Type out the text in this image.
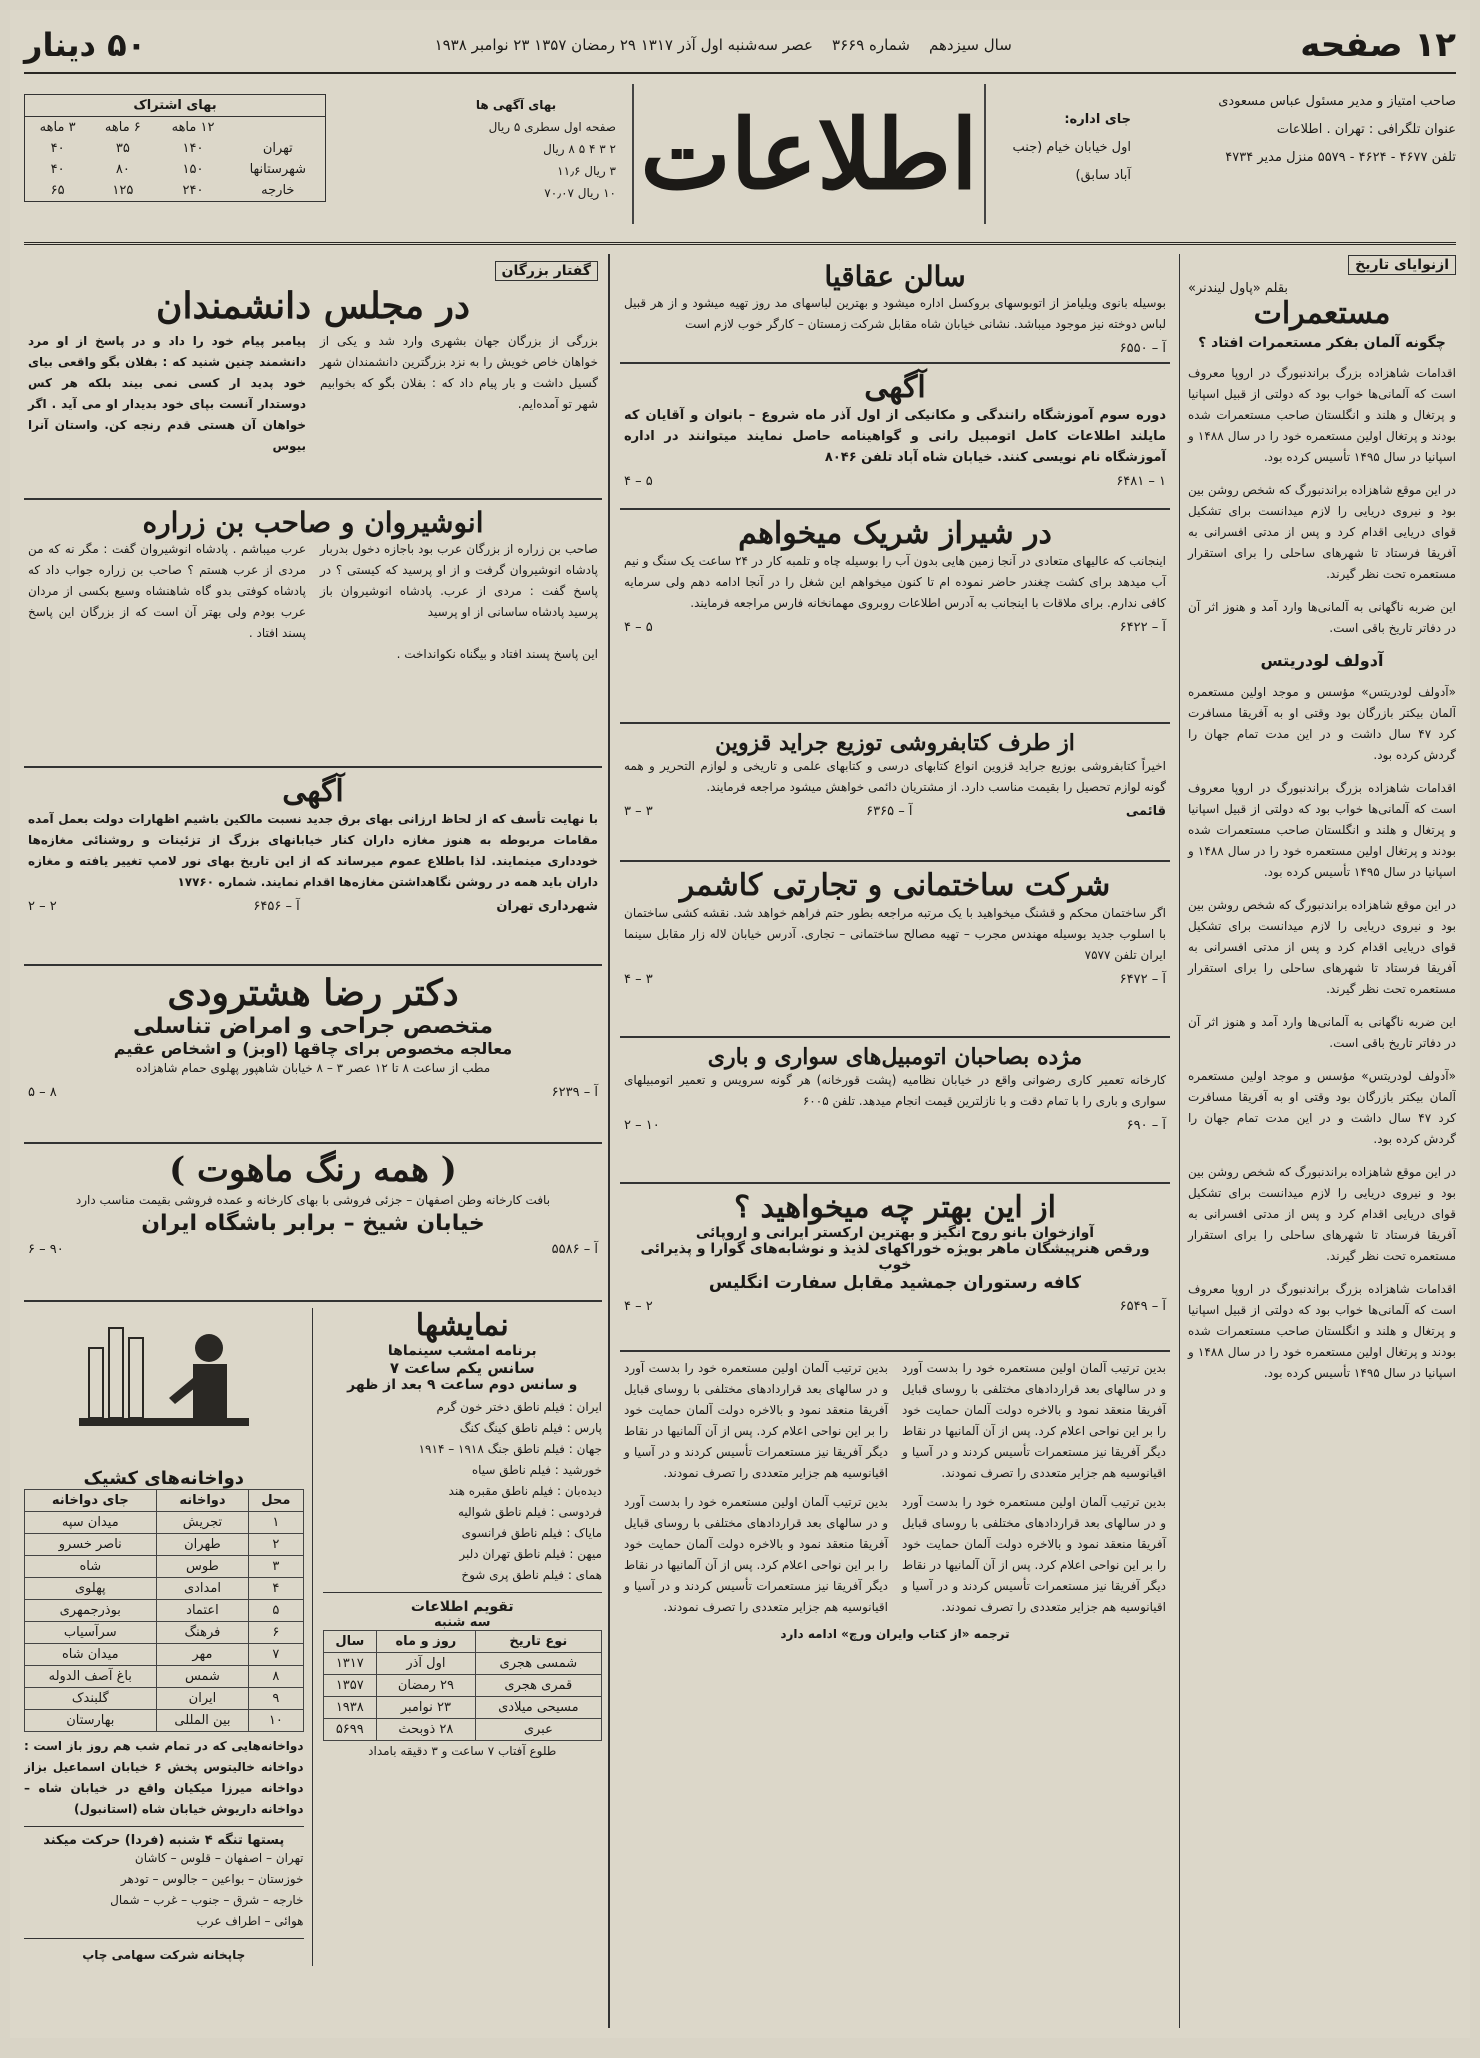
۱۲ صفحه
سال سیزدهم    شماره ۳۶۶۹    عصر سه‌شنبه اول آذر ۱۳۱۷ ۲۹ رمضان ۱۳۵۷ ۲۳ نوامبر ۱۹۳۸
۵۰ دینار
صاحب امتیاز و مدیر مسئول عباس مسعودی
عنوان تلگرافی : تهران . اطلاعات
تلفن ۴۶۷۷ - ۴۶۲۴ - ۵۵۷۹ منزل مدیر ۴۷۳۴
جای اداره:
اول خیابان خیام (جنب آباد سابق)
اطلاعات
بهای آگهی ها
صفحه اول سطری ۵ ریال
۲ ۳ ۴ ۵ ۸ ریال
۳ ریال ۱۱٫۶
۱۰ ریال ۷۰٫۰۷
بهای اشتراک
	۱۲ ماهه	۶ ماهه	۳ ماهه
تهران	۱۴۰	۳۵	۴۰
شهرستانها	۱۵۰	۸۰	۴۰
خارجه	۲۴۰	۱۲۵	۶۵
ازنوایای تاریخ
بقلم «پاول لیندنر»
مستعمرات
چگونه آلمان بفکر مستعمرات افتاد ؟

اقدامات شاهزاده بزرگ براندنبورگ در اروپا معروف است که آلمانی‌ها خواب بود که دولتی از قبیل اسپانیا و پرتغال و هلند و انگلستان صاحب مستعمرات شده بودند و پرتغال اولین مستعمره خود را در سال ۱۴۸۸ و اسپانیا در سال ۱۴۹۵ تأسیس کرده بود.

در این موقع شاهزاده براندنبورگ که شخص روشن بین بود و نیروی دریایی را لازم میدانست برای تشکیل قوای دریایی اقدام کرد و پس از مدتی افسرانی به آفریقا فرستاد تا شهرهای ساحلی را برای استقرار مستعمره تحت نظر گیرند.

این ضربه ناگهانی به آلمانی‌ها وارد آمد و هنوز اثر آن در دفاتر تاریخ باقی است.

آدولف لودریتس

«آدولف لودریتس» مؤسس و موجد اولین مستعمره آلمان بیکتر بازرگان بود وقتی او به آفریقا مسافرت کرد ۴۷ سال داشت و در این مدت تمام جهان را گردش کرده بود.

اقدامات شاهزاده بزرگ براندنبورگ در اروپا معروف است که آلمانی‌ها خواب بود که دولتی از قبیل اسپانیا و پرتغال و هلند و انگلستان صاحب مستعمرات شده بودند و پرتغال اولین مستعمره خود را در سال ۱۴۸۸ و اسپانیا در سال ۱۴۹۵ تأسیس کرده بود.

در این موقع شاهزاده براندنبورگ که شخص روشن بین بود و نیروی دریایی را لازم میدانست برای تشکیل قوای دریایی اقدام کرد و پس از مدتی افسرانی به آفریقا فرستاد تا شهرهای ساحلی را برای استقرار مستعمره تحت نظر گیرند.

این ضربه ناگهانی به آلمانی‌ها وارد آمد و هنوز اثر آن در دفاتر تاریخ باقی است.

«آدولف لودریتس» مؤسس و موجد اولین مستعمره آلمان بیکتر بازرگان بود وقتی او به آفریقا مسافرت کرد ۴۷ سال داشت و در این مدت تمام جهان را گردش کرده بود.

در این موقع شاهزاده براندنبورگ که شخص روشن بین بود و نیروی دریایی را لازم میدانست برای تشکیل قوای دریایی اقدام کرد و پس از مدتی افسرانی به آفریقا فرستاد تا شهرهای ساحلی را برای استقرار مستعمره تحت نظر گیرند.

اقدامات شاهزاده بزرگ براندنبورگ در اروپا معروف است که آلمانی‌ها خواب بود که دولتی از قبیل اسپانیا و پرتغال و هلند و انگلستان صاحب مستعمرات شده بودند و پرتغال اولین مستعمره خود را در سال ۱۴۸۸ و اسپانیا در سال ۱۴۹۵ تأسیس کرده بود.

سالن عقاقیا
بوسیله بانوی ویلیامز از اتوبوسهای بروکسل اداره میشود و بهترین لباسهای مد روز تهیه میشود و از هر قبیل لباس دوخته نیز موجود میباشد. نشانی خیابان شاه مقابل شرکت زمستان – کارگر خوب لازم است
آ – ۶۵۵۰
آگهی
دوره سوم آموزشگاه رانندگی و مکانیکی از اول آذر ماه شروع – بانوان و آقایان که مایلند اطلاعات کامل اتومبیل رانی و گواهینامه حاصل نمایند میتوانند در اداره آموزشگاه نام نویسی کنند. خیابان شاه آباد تلفن ۸۰۴۶
۱ – ۶۴۸۱
۵ – ۴
در شیراز شریک میخواهم
اینجانب که عالیهای متعادی در آنجا زمین هایی بدون آب را بوسیله چاه و تلمبه کار در ۲۴ ساعت یک سنگ و نیم آب میدهد برای کشت چغندر حاضر نموده ام تا کنون میخواهم این شغل را در آنجا ادامه دهم ولی سرمایه کافی ندارم. برای ملاقات با اینجانب به آدرس اطلاعات روبروی مهمانخانه فارس مراجعه فرمایند.
آ – ۶۴۲۲
۵ – ۴
از طرف کتابفروشی توزیع جراید قزوین
اخیراً کتابفروشی بوزیع جراید قزوین انواع کتابهای درسی و کتابهای علمی و تاریخی و لوازم التحریر و همه گونه لوازم تحصیل را بقیمت مناسب دارد. از مشتریان دائمی خواهش میشود مراجعه فرمایند.
قائمی
آ – ۶۳۶۵
۳ – ۳
شرکت ساختمانی و تجارتی کاشمر
اگر ساختمان محکم و قشنگ میخواهید با یک مرتبه مراجعه بطور حتم فراهم خواهد شد. نقشه کشی ساختمان با اسلوب جدید بوسیله مهندس مجرب – تهیه مصالح ساختمانی – تجاری. آدرس خیابان لاله زار مقابل سینما ایران تلفن ۷۵۷۷
آ – ۶۴۷۲
۳ – ۴
مژده بصاحبان اتومبیل‌های سواری و باری
کارخانه تعمیر کاری رضوانی واقع در خیابان نظامیه (پشت قورخانه) هر گونه سرویس و تعمیر اتومبیلهای سواری و باری را با تمام دقت و با نازلترین قیمت انجام میدهد. تلفن ۶۰۰۵
آ – ۶۹۰
۱۰ – ۲
از این بهتر چه میخواهید ؟
آوازخوان بانو روح انگیز و بهترین ارکستر ایرانی و اروپائی
ورقص هنرپیشگان ماهر بویژه خوراکهای لذیذ و نوشابه‌های گوارا و پذیرائی خوب
کافه رستوران جمشید مقابل سفارت انگلیس
آ – ۶۵۴۹
۲ – ۴
بدین ترتیب آلمان اولین مستعمره خود را بدست آورد و در سالهای بعد قراردادهای مختلفی با روسای قبایل آفریقا منعقد نمود و بالاخره دولت آلمان حمایت خود را بر این نواحی اعلام کرد. پس از آن آلمانیها در نقاط دیگر آفریقا نیز مستعمرات تأسیس کردند و در آسیا و اقیانوسیه هم جزایر متعددی را تصرف نمودند.
بدین ترتیب آلمان اولین مستعمره خود را بدست آورد و در سالهای بعد قراردادهای مختلفی با روسای قبایل آفریقا منعقد نمود و بالاخره دولت آلمان حمایت خود را بر این نواحی اعلام کرد. پس از آن آلمانیها در نقاط دیگر آفریقا نیز مستعمرات تأسیس کردند و در آسیا و اقیانوسیه هم جزایر متعددی را تصرف نمودند.
بدین ترتیب آلمان اولین مستعمره خود را بدست آورد و در سالهای بعد قراردادهای مختلفی با روسای قبایل آفریقا منعقد نمود و بالاخره دولت آلمان حمایت خود را بر این نواحی اعلام کرد. پس از آن آلمانیها در نقاط دیگر آفریقا نیز مستعمرات تأسیس کردند و در آسیا و اقیانوسیه هم جزایر متعددی را تصرف نمودند.
بدین ترتیب آلمان اولین مستعمره خود را بدست آورد و در سالهای بعد قراردادهای مختلفی با روسای قبایل آفریقا منعقد نمود و بالاخره دولت آلمان حمایت خود را بر این نواحی اعلام کرد. پس از آن آلمانیها در نقاط دیگر آفریقا نیز مستعمرات تأسیس کردند و در آسیا و اقیانوسیه هم جزایر متعددی را تصرف نمودند.
ترجمه «از کتاب وایران ورچ» ادامه دارد
گفتار بزرگان
در مجلس دانشمندان
بزرگی از بزرگان جهان بشهری وارد شد و یکی از خواهان خاص خویش را به نزد بزرگترین دانشمندان شهر گسیل داشت و بار پیام داد که : بفلان بگو که بخوابیم شهر تو آمده‌ایم.
پیامبر پیام خود را داد و در پاسخ از او مرد دانشمند چنین شنید که : بفلان بگو واقعی بیای خود پدید ار کسی نمی بیند بلکه هر کس دوستدار آنست بپای خود بدیدار او می آید . اگر خواهان آن هستی قدم رنجه کن. واستان آنرا بیوس
انوشیروان و صاحب بن زراره
صاحب بن زراره از بزرگان عرب بود باجازه دخول بدربار پادشاه انوشیروان گرفت و از او پرسید که کیستی ؟ در پاسخ گفت : مردی از عرب. پادشاه انوشیروان باز پرسید پادشاه ساسانی از او پرسید
عرب میباشم . پادشاه انوشیروان گفت : مگر نه که من مردی از عرب هستم ؟ صاحب بن زراره جواب داد که پادشاه کوفتی بدو گاه شاهنشاه وسیع بکسی از مردان عرب بودم ولی بهتر آن است که از بزرگان این پاسخ پسند افتاد .
این پاسخ پسند افتاد و بیگناه نکوانداخت .
آگهی
با نهایت تأسف که از لحاظ ارزانی بهای برق جدید نسبت مالکین باشیم اظهارات دولت بعمل آمده مقامات مربوطه به هنوز مغازه داران کنار خیابانهای بزرگ از تزئینات و روشنائی مغازه‌ها خودداری مینمایند. لذا باطلاع عموم میرساند که از این تاریخ بهای نور لامپ تغییر یافته و مغازه داران باید همه در روشن نگاهداشتن مغازه‌ها اقدام نمایند. شماره ۱۷۷۶۰
شهرداری تهران
آ – ۶۴۵۶
۲ – ۲
دکتر رضا هشترودی
متخصص جراحی و امراض تناسلی
معالجه مخصوص برای چاقها (اوبز) و اشخاص عقیم
مطب از ساعت ۸ تا ۱۲ عصر ۳ – ۸ خیابان شاهپور پهلوی حمام شاهزاده
آ – ۶۲۳۹
۸ – ۵
( همه رنگ ماهوت )
بافت کارخانه وطن اصفهان – جزئی فروشی با بهای کارخانه و عمده فروشی بقیمت مناسب دارد
خیابان شیخ – برابر باشگاه ایران
آ – ۵۵۸۶
۹۰ – ۶
نمایشها
برنامه امشب سینماها
سانس یکم ساعت ۷
و سانس دوم ساعت ۹ بعد از ظهر
ایران : فیلم ناطق دختر خون گرم
پارس : فیلم ناطق کینگ کنگ
جهان : فیلم ناطق جنگ ۱۹۱۸ – ۱۹۱۴
خورشید : فیلم ناطق سیاه
دیده‌بان : فیلم ناطق مقبره هند
فردوسی : فیلم ناطق شوالیه
مایاک : فیلم ناطق فرانسوی
میهن : فیلم ناطق تهران دلبر
همای : فیلم ناطق پری شوخ
تقویم اطلاعات
سه شنبه
نوع تاریخ	روز و ماه	سال
شمسی هجری	اول آذر	۱۳۱۷
قمری هجری	۲۹ رمضان	۱۳۵۷
مسیحی میلادی	۲۳ نوامبر	۱۹۳۸
عبری	۲۸ ذوبحث	۵۶۹۹
طلوع آفتاب ۷ ساعت و ۳ دقیقه بامداد
دواخانه‌های کشیک
محل	دواخانه	جای دواخانه
۱	تجریش	میدان سپه
۲	طهران	ناصر خسرو
۳	طوس	شاه
۴	امدادی	پهلوی
۵	اعتماد	بوذرجمهری
۶	فرهنگ	سرآسیاب
۷	مهر	میدان شاه
۸	شمس	باغ آصف الدوله
۹	ایران	گلبندک
۱۰	بین المللی	بهارستان
دواخانه‌هایی که در تمام شب هم روز باز است : دواخانه خالیتوس پخش ۶ خیابان اسماعیل بزاز دواخانه میرزا میکیان واقع در خیابان شاه – دواخانه داریوش خیابان شاه (استانبول)
پستها تنگه ۴ شنبه (فردا) حرکت میکند
تهران – اصفهان – قلوس – کاشان
خوزستان – بواعین – جالوس – تودهر
خارجه – شرق – جنوب – غرب – شمال
هوائی – اطراف عرب
چاپخانه شرکت سهامی چاپ
